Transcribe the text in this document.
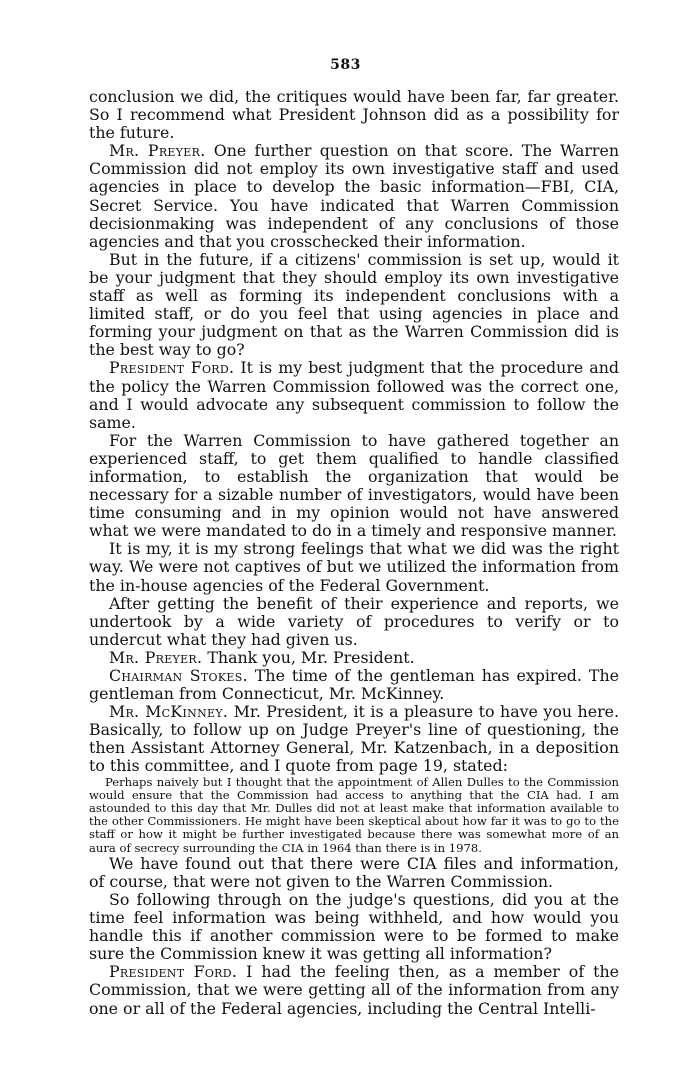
583

conclusion we did, the critiques would have been far, far greater. So I recommend what President Johnson did as a possibility for the future.

Mr. Preyer. One further question on that score. The Warren Commission did not employ its own investigative staff and used agencies in place to develop the basic information—FBI, CIA, Secret Service. You have indicated that Warren Commission decisionmaking was independent of any conclusions of those agencies and that you crosschecked their information.

But in the future, if a citizens' commission is set up, would it be your judgment that they should employ its own investigative staff as well as forming its independent conclusions with a limited staff, or do you feel that using agencies in place and forming your judgment on that as the Warren Commission did is the best way to go?

President Ford. It is my best judgment that the procedure and the policy the Warren Commission followed was the correct one, and I would advocate any subsequent commission to follow the same.

For the Warren Commission to have gathered together an experienced staff, to get them qualified to handle classified information, to establish the organization that would be necessary for a sizable number of investigators, would have been time consuming and in my opinion would not have answered what we were mandated to do in a timely and responsive manner.

It is my, it is my strong feelings that what we did was the right way. We were not captives of but we utilized the information from the in-house agencies of the Federal Government.

After getting the benefit of their experience and reports, we undertook by a wide variety of procedures to verify or to undercut what they had given us.

Mr. Preyer. Thank you, Mr. President.

Chairman Stokes. The time of the gentleman has expired. The gentleman from Connecticut, Mr. McKinney.

Mr. McKinney. Mr. President, it is a pleasure to have you here. Basically, to follow up on Judge Preyer's line of questioning, the then Assistant Attorney General, Mr. Katzenbach, in a deposition to this committee, and I quote from page 19, stated:

Perhaps naively but I thought that the appointment of Allen Dulles to the Commission would ensure that the Commission had access to anything that the CIA had. I am astounded to this day that Mr. Dulles did not at least make that information available to the other Commissioners. He might have been skeptical about how far it was to go to the staff or how it might be further investigated because there was somewhat more of an aura of secrecy surrounding the CIA in 1964 than there is in 1978.

We have found out that there were CIA files and information, of course, that were not given to the Warren Commission.

So following through on the judge's questions, did you at the time feel information was being withheld, and how would you handle this if another commission were to be formed to make sure the Commission knew it was getting all information?

President Ford. I had the feeling then, as a member of the Commission, that we were getting all of the information from any one or all of the Federal agencies, including the Central Intelli-
